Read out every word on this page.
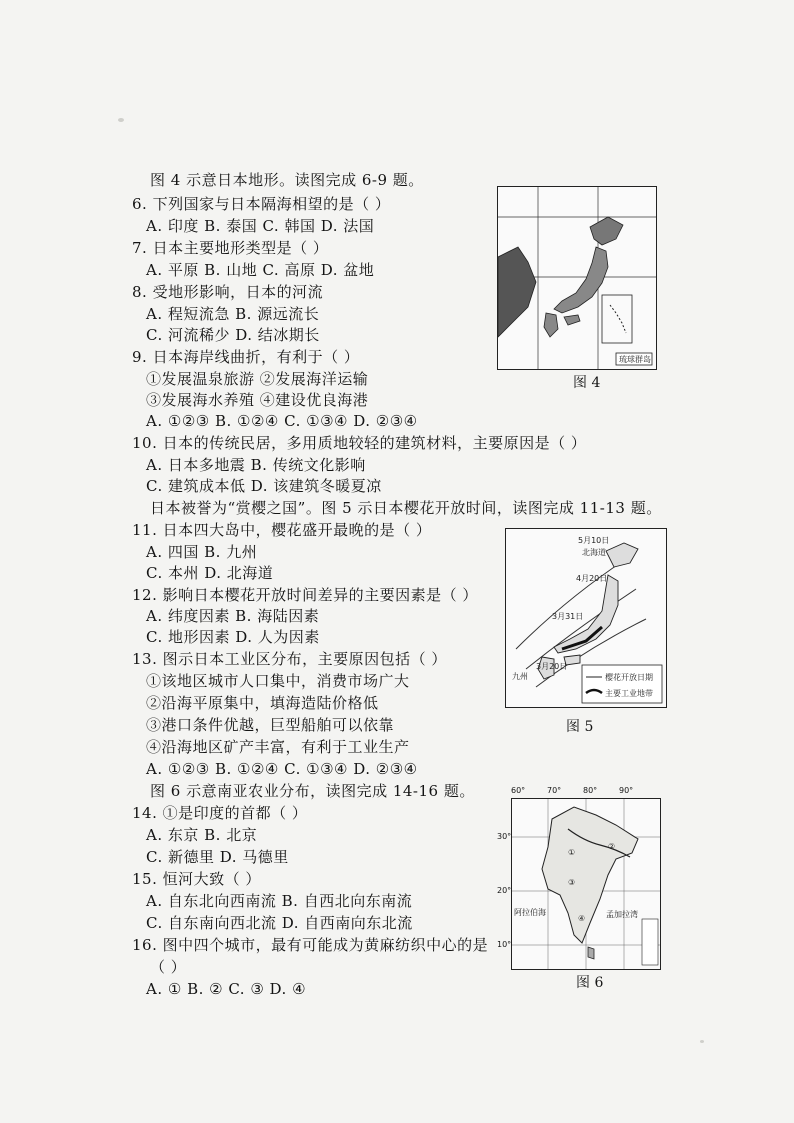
图 4 示意日本地形。读图完成 6-9 题。
6. 下列国家与日本隔海相望的是（ ）
A. 印度 B. 泰国 C. 韩国 D. 法国
7. 日本主要地形类型是（ ）
A. 平原 B. 山地 C. 高原 D. 盆地
8. 受地形影响，日本的河流
A. 程短流急 B. 源远流长
C. 河流稀少 D. 结冰期长
9. 日本海岸线曲折，有利于（ ）
①发展温泉旅游 ②发展海洋运输
③发展海水养殖 ④建设优良海港
A. ①②③ B. ①②④ C. ①③④ D. ②③④
10. 日本的传统民居，多用质地较轻的建筑材料，主要原因是（ ）
A. 日本多地震 B. 传统文化影响
C. 建筑成本低 D. 该建筑冬暖夏凉
日本被誉为“赏樱之国”。图 5 示日本樱花开放时间，读图完成 11-13 题。
11. 日本四大岛中，樱花盛开最晚的是（ ）
A. 四国 B. 九州
C. 本州 D. 北海道
12. 影响日本樱花开放时间差异的主要因素是（ ）
A. 纬度因素 B. 海陆因素
C. 地形因素 D. 人为因素
13. 图示日本工业区分布，主要原因包括（ ）
①该地区城市人口集中，消费市场广大
②沿海平原集中，填海造陆价格低
③港口条件优越，巨型船舶可以依靠
④沿海地区矿产丰富，有利于工业生产
A. ①②③ B. ①②④ C. ①③④ D. ②③④
图 6 示意南亚农业分布，读图完成 14-16 题。
14. ①是印度的首都（ ）
A. 东京 B. 北京
C. 新德里 D. 马德里
15. 恒河大致（ ）
A. 自东北向西南流 B. 自西北向东南流
C. 自东南向西北流 D. 自西南向东北流
16. 图中四个城市，最有可能成为黄麻纺织中心的是
（ ）
A. ① B. ② C. ③ D. ④
琉球群岛
图 4
5月10日
北海道
4月20日
3月31日
3月20日
九州	樱花开放日期
主要工业地带
图 5
①
②
③
④
阿拉伯海	孟加拉湾
60°	70°	80°	90°
30°
20°
10°
图 6
